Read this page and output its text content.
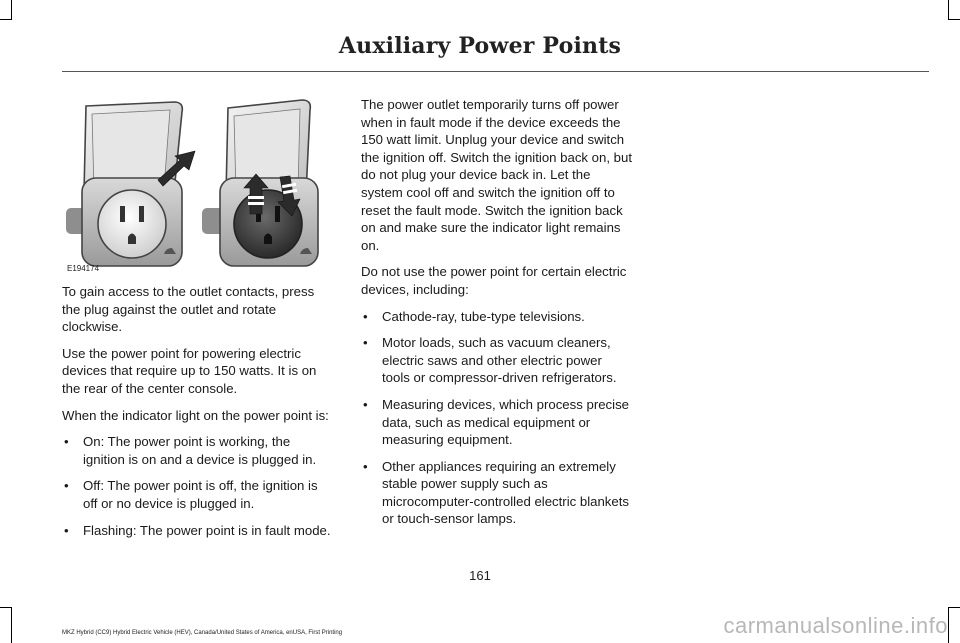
Auxiliary Power Points
E194174

To gain access to the outlet contacts, press the plug against the outlet and rotate clockwise.

Use the power point for powering electric devices that require up to 150 watts. It is on the rear of the center console.

When the indicator light on the power point is:

• On: The power point is working, the ignition is on and a device is plugged in.
• Off: The power point is off, the ignition is off or no device is plugged in.
• Flashing: The power point is in fault mode.

The power outlet temporarily turns off power when in fault mode if the device exceeds the 150 watt limit. Unplug your device and switch the ignition off. Switch the ignition back on, but do not plug your device back in. Let the system cool off and switch the ignition off to reset the fault mode. Switch the ignition back on and make sure the indicator light remains on.

Do not use the power point for certain electric devices, including:

• Cathode-ray, tube-type televisions.
• Motor loads, such as vacuum cleaners, electric saws and other electric power tools or compressor-driven refrigerators.
• Measuring devices, which process precise data, such as medical equipment or measuring equipment.
• Other appliances requiring an extremely stable power supply such as microcomputer-controlled electric blankets or touch-sensor lamps.
161
MKZ Hybrid (CC9) Hybrid Electric Vehicle (HEV), Canada/United States of America, enUSA, First Printing	carmanualsonline.info
